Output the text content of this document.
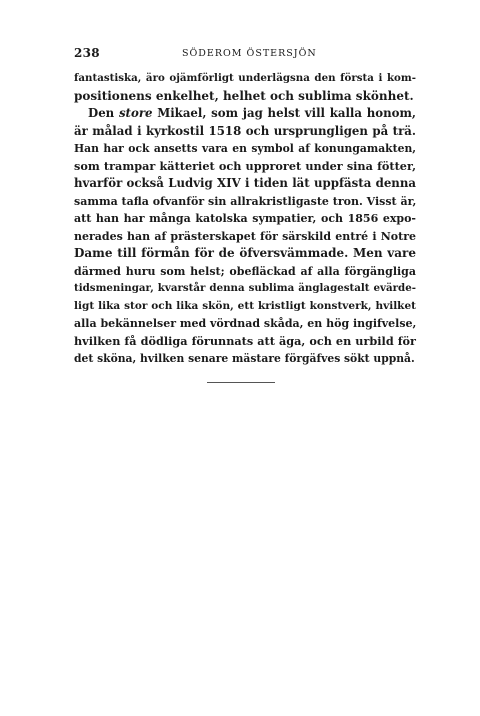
238	SÖDEROM ÖSTERSJÖN
fantastiska, äro ojämförligt underlägsna den första i kom-
positionens enkelhet, helhet och sublima skönhet.
Den store Mikael, som jag helst vill kalla honom,
är målad i kyrkostil 1518 och ursprungligen på trä.
Han har ock ansetts vara en symbol af konungamakten,
som trampar kätteriet och upproret under sina fötter,
hvarför också Ludvig XIV i tiden lät uppfästa denna
samma tafla ofvanför sin allrakristligaste tron. Visst är,
att han har många katolska sympatier, och 1856 expo-
nerades han af prästerskapet för särskild entré i Notre
Dame till förmån för de öfversvämmade. Men vare
därmed huru som helst; obefläckad af alla förgängliga
tidsmeningar, kvarstår denna sublima änglagestalt evärde-
ligt lika stor och lika skön, ett kristligt konstverk, hvilket
alla bekännelser med vördnad skåda, en hög ingifvelse,
hvilken få dödliga förunnats att äga, och en urbild för
det sköna, hvilken senare mästare förgäfves sökt uppnå.
